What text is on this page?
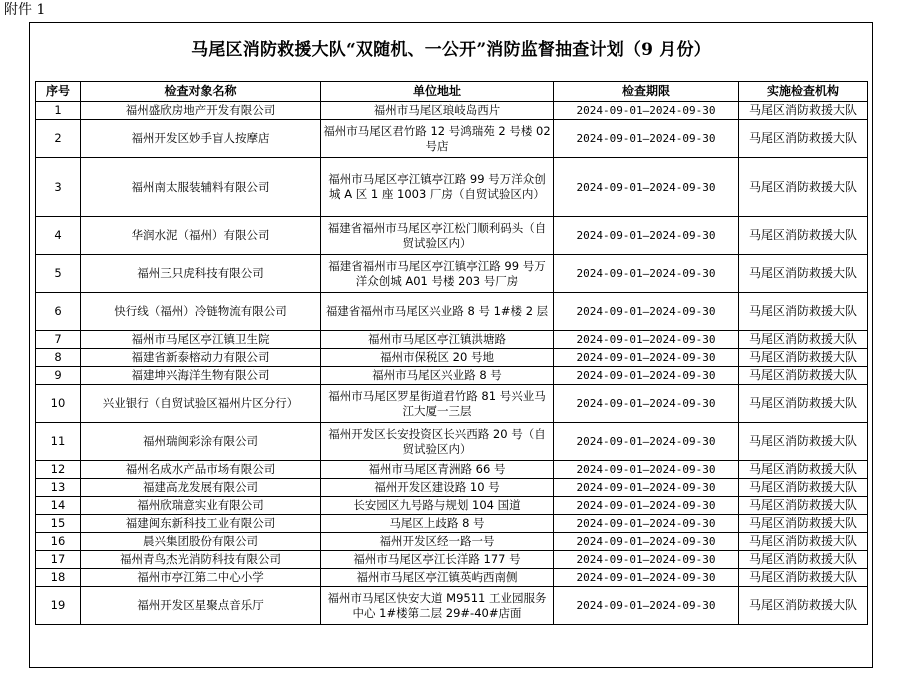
附件 1
马尾区消防救援大队“双随机、一公开”消防监督抽查计划（9 月份）
序号	检查对象名称	单位地址	检查期限	实施检查机构
1	福州盛欣房地产开发有限公司	福州市马尾区琅岐岛西片	2024-09-01—2024-09-30	马尾区消防救援大队
2	福州开发区妙手盲人按摩店	福州市马尾区君竹路 12 号鸿瑞苑 2 号楼 02 号店	2024-09-01—2024-09-30	马尾区消防救援大队
3	福州南太服装辅料有限公司	福州市马尾区亭江镇亭江路 99 号万洋众创城 A 区 1 座 1003 厂房（自贸试验区内）	2024-09-01—2024-09-30	马尾区消防救援大队
4	华润水泥（福州）有限公司	福建省福州市马尾区亭江松门顺利码头（自贸试验区内）	2024-09-01—2024-09-30	马尾区消防救援大队
5	福州三只虎科技有限公司	福建省福州市马尾区亭江镇亭江路 99 号万洋众创城 A01 号楼 203 号厂房	2024-09-01—2024-09-30	马尾区消防救援大队
6	快行线（福州）冷链物流有限公司	福建省福州市马尾区兴业路 8 号 1#楼 2 层	2024-09-01—2024-09-30	马尾区消防救援大队
7	福州市马尾区亭江镇卫生院	福州市马尾区亭江镇洪塘路	2024-09-01—2024-09-30	马尾区消防救援大队
8	福建省新泰榕动力有限公司	福州市保税区 20 号地	2024-09-01—2024-09-30	马尾区消防救援大队
9	福建坤兴海洋生物有限公司	福州市马尾区兴业路 8 号	2024-09-01—2024-09-30	马尾区消防救援大队
10	兴业银行（自贸试验区福州片区分行）	福州市马尾区罗星街道君竹路 81 号兴业马江大厦一三层	2024-09-01—2024-09-30	马尾区消防救援大队
11	福州瑞闽彩涂有限公司	福州开发区长安投资区长兴西路 20 号（自贸试验区内）	2024-09-01—2024-09-30	马尾区消防救援大队
12	福州名成水产品市场有限公司	福州市马尾区青洲路 66 号	2024-09-01—2024-09-30	马尾区消防救援大队
13	福建高龙发展有限公司	福州开发区建设路 10 号	2024-09-01—2024-09-30	马尾区消防救援大队
14	福州欣瑞意实业有限公司	长安园区九号路与规划 104 国道	2024-09-01—2024-09-30	马尾区消防救援大队
15	福建闽东新科技工业有限公司	马尾区上歧路 8 号	2024-09-01—2024-09-30	马尾区消防救援大队
16	晨兴集团股份有限公司	福州开发区经一路一号	2024-09-01—2024-09-30	马尾区消防救援大队
17	福州青鸟杰光消防科技有限公司	福州市马尾区亭江长洋路 177 号	2024-09-01—2024-09-30	马尾区消防救援大队
18	福州市亭江第二中心小学	福州市马尾区亭江镇英屿西南侧	2024-09-01—2024-09-30	马尾区消防救援大队
19	福州开发区星聚点音乐厅	福州市马尾区快安大道 M9511 工业园服务中心 1#楼第二层 29#-40#店面	2024-09-01—2024-09-30	马尾区消防救援大队
